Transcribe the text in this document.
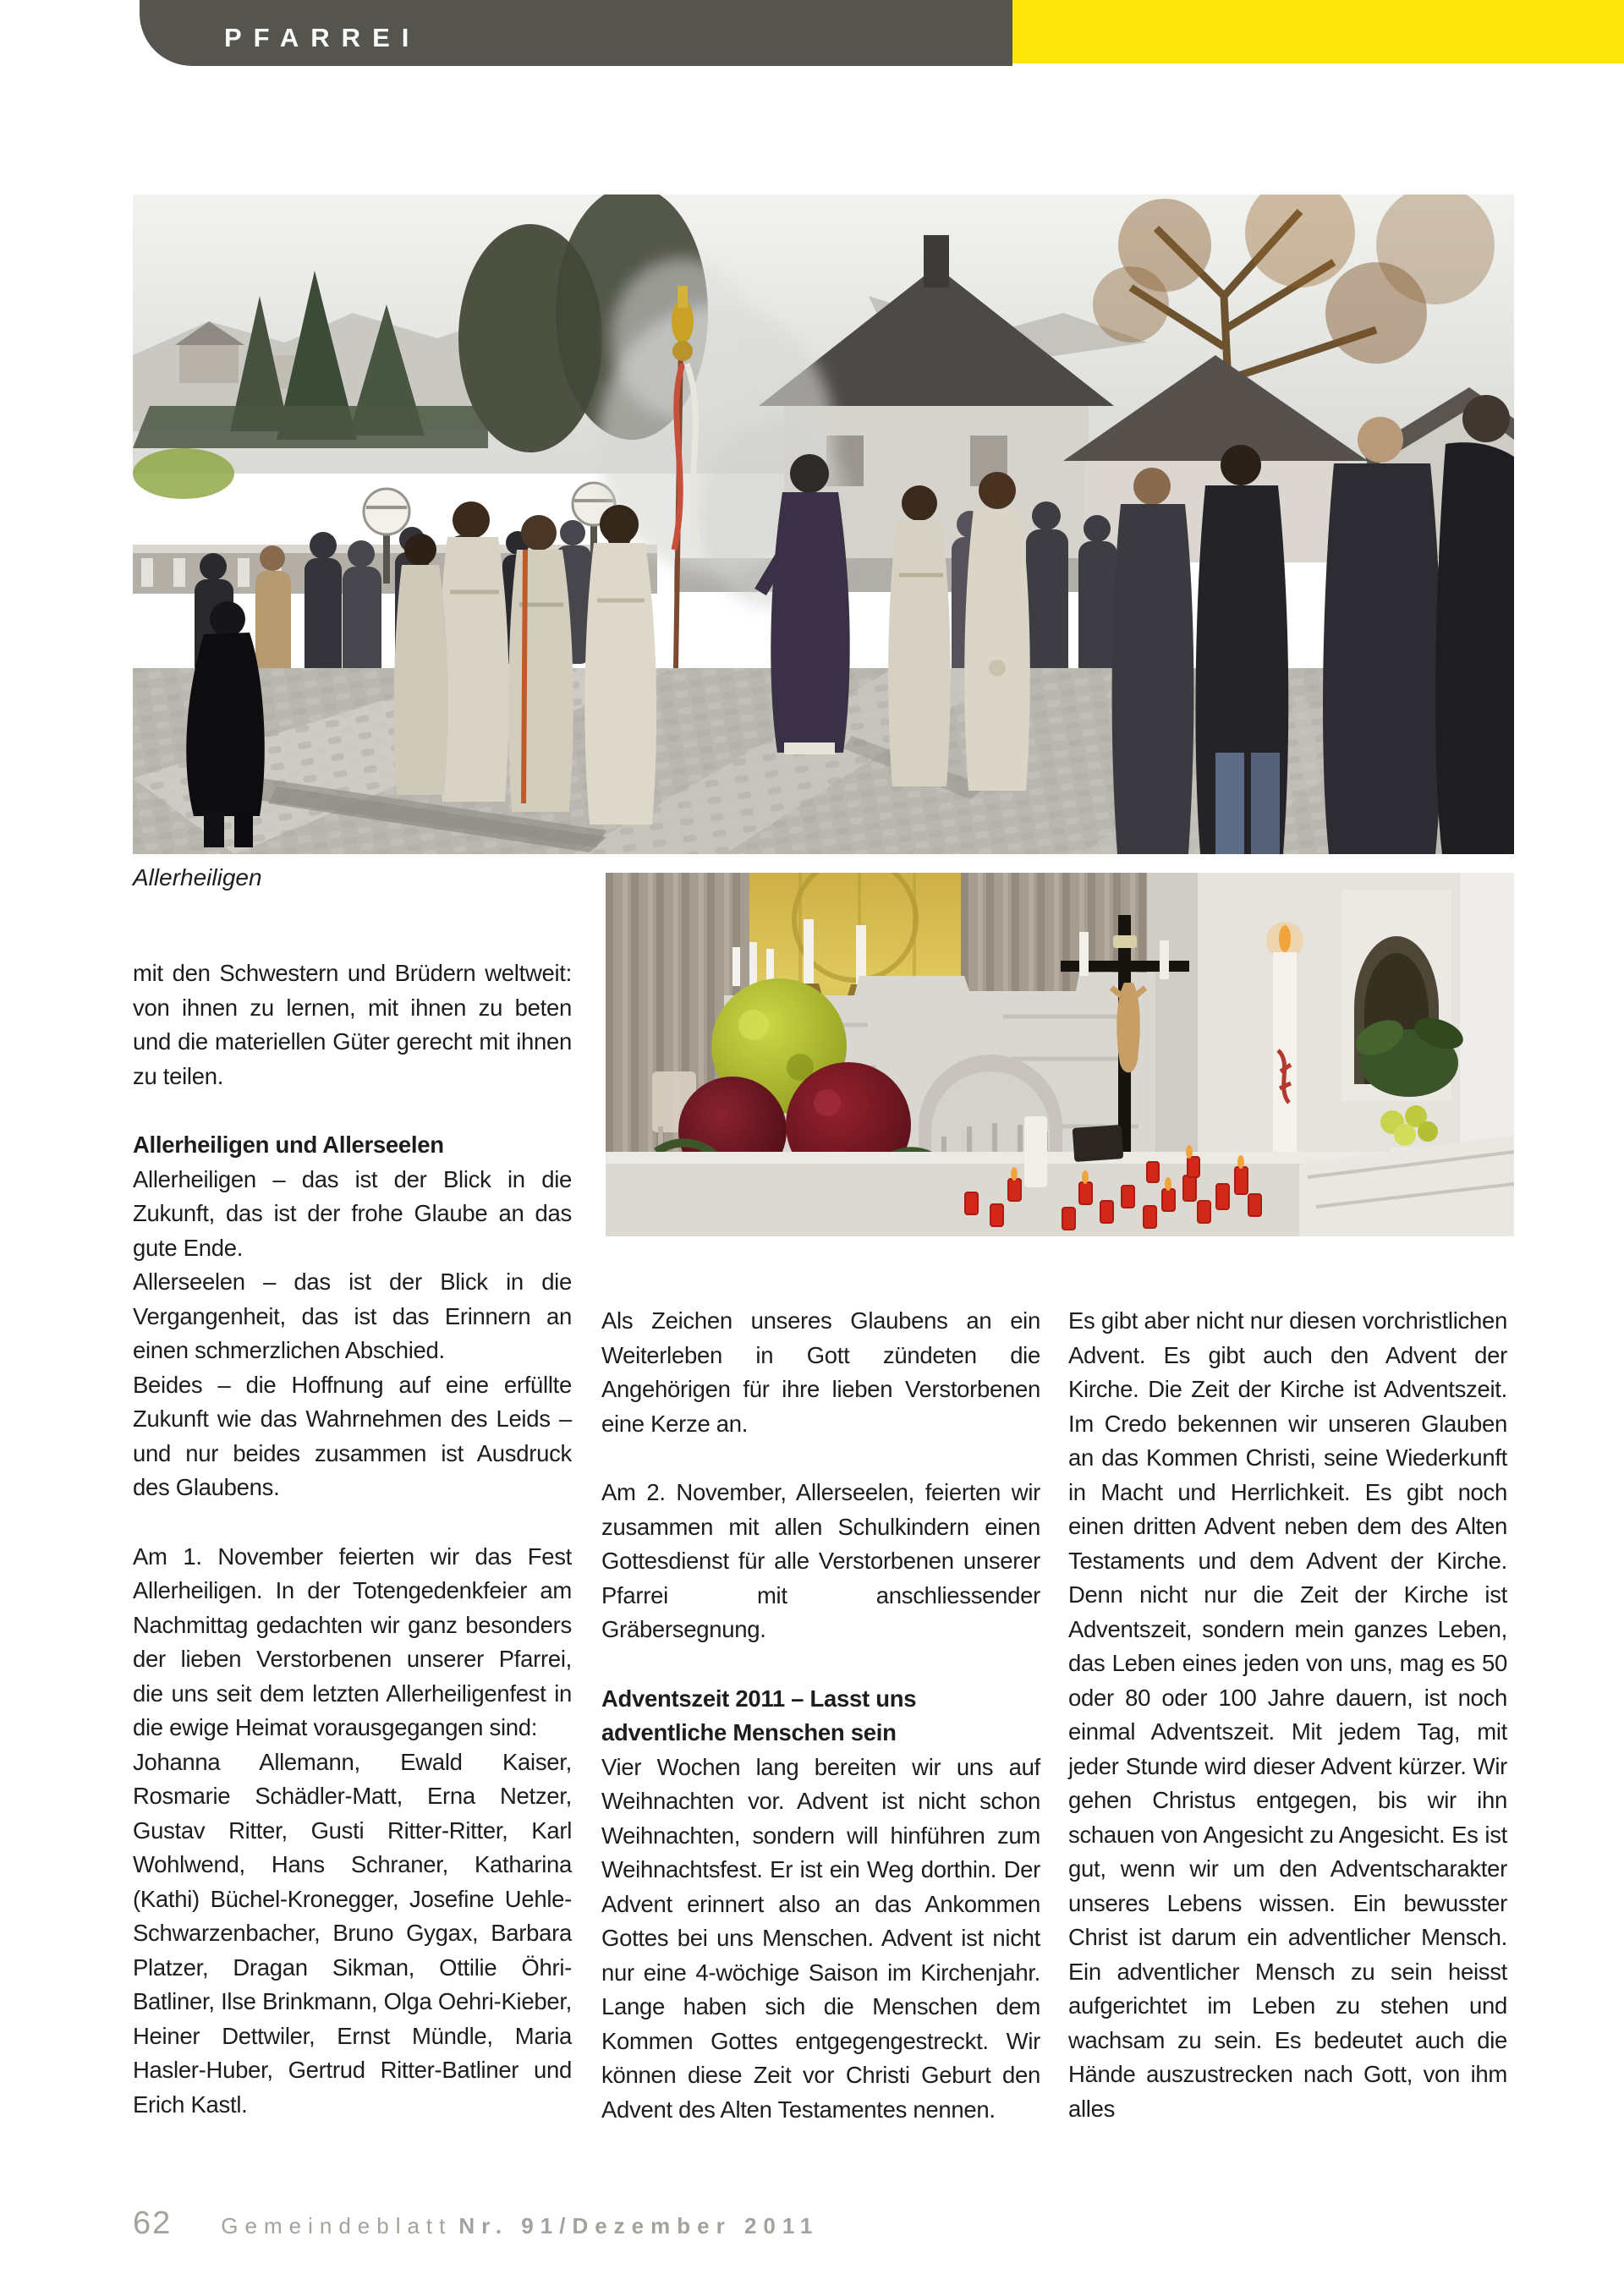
PFARREI
Allerheiligen

mit den Schwestern und Brüdern weltweit: von ihnen zu lernen, mit ihnen zu beten und die materiellen Güter gerecht mit ihnen zu teilen.

Allerheiligen und Allerseelen

Allerheiligen – das ist der Blick in die Zukunft, das ist der frohe Glaube an das gute Ende.

Allerseelen – das ist der Blick in die Vergangenheit, das ist das Erinnern an einen schmerzlichen Abschied.

Beides – die Hoffnung auf eine erfüllte Zukunft wie das Wahrnehmen des Leids – und nur beides zusammen ist Ausdruck des Glaubens.

Am 1. November feierten wir das Fest Allerheiligen. In der Totengedenkfeier am Nachmittag gedachten wir ganz besonders der lieben Verstorbenen unserer Pfarrei, die uns seit dem letzten Allerheiligenfest in die ewige Heimat vorausgegangen sind:

Johanna Allemann, Ewald Kaiser, Rosmarie Schädler-Matt, Erna Netzer, Gustav Ritter, Gusti Ritter-Ritter, Karl Wohlwend, Hans Schraner, Katharina (Kathi) Büchel-Kronegger, Josefine Uehle-Schwarzenbacher, Bruno Gygax, Barbara Platzer, Dragan Sikman, Ottilie Öhri-Batliner, Ilse Brinkmann, Olga Oehri-Kieber, Heiner Dettwiler, Ernst Mündle, Maria Hasler-Huber, Gertrud Ritter-Batliner und Erich Kastl.

Als Zeichen unseres Glaubens an ein Weiterleben in Gott zündeten die Angehörigen für ihre lieben Verstorbenen eine Kerze an.

Am 2. November, Allerseelen, feierten wir zusammen mit allen Schulkindern einen Gottesdienst für alle Verstorbenen unserer Pfarrei mit anschliessender Gräbersegnung.

Adventszeit 2011 – Lasst uns adventliche Menschen sein

Vier Wochen lang bereiten wir uns auf Weihnachten vor. Advent ist nicht schon Weihnachten, sondern will hinführen zum Weihnachtsfest. Er ist ein Weg dorthin. Der Advent erinnert also an das Ankommen Gottes bei uns Menschen. Advent ist nicht nur eine 4-wöchige Saison im Kirchenjahr. Lange haben sich die Menschen dem Kommen Gottes entgegengestreckt. Wir können diese Zeit vor Christi Geburt den Advent des Alten Testamentes nennen.

Es gibt aber nicht nur diesen vorchristlichen Advent. Es gibt auch den Advent der Kirche. Die Zeit der Kirche ist Adventszeit. Im Credo bekennen wir unseren Glauben an das Kommen Christi, seine Wiederkunft in Macht und Herrlichkeit. Es gibt noch einen dritten Advent neben dem des Alten Testaments und dem Advent der Kirche. Denn nicht nur die Zeit der Kirche ist Adventszeit, sondern mein ganzes Leben, das Leben eines jeden von uns, mag es 50 oder 80 oder 100 Jahre dauern, ist noch einmal Adventszeit. Mit jedem Tag, mit jeder Stunde wird dieser Advent kürzer. Wir gehen Christus entgegen, bis wir ihn schauen von Angesicht zu Angesicht. Es ist gut, wenn wir um den Adventscharakter unseres Lebens wissen. Ein bewusster Christ ist darum ein adventlicher Mensch. Ein adventlicher Mensch zu sein heisst aufgerichtet im Leben zu stehen und wachsam zu sein. Es bedeutet auch die Hände auszustrecken nach Gott, von ihm alles

62 Gemeindeblatt Nr. 91/Dezember 2011
